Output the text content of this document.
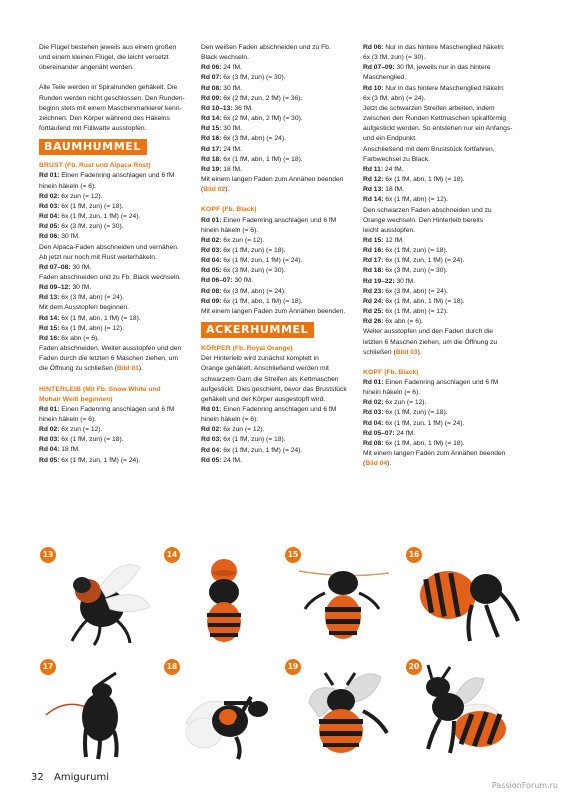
Die Flügel bestehen jeweils aus einem großen
und einem kleinen Flügel, die leicht versetzt
übereinander angenäht werden.
Alle Teile werden in Spiralrunden gehäkelt. Die
Runden werden nicht geschlossen. Den Runden-
beginn stets mit einem Maschenmarkierer kenn-
zeichnen. Den Körper während des Häkelns
fortlaufend mit Füllwatte ausstopfen.
BAUMHUMMEL
BRUST (Fb. Rust und Alpaca Rost)
Rd 01: Einen Fadenring anschlagen und 6 fM
hinein häkeln (= 6).
Rd 02: 6x zun (= 12).
Rd 03: 6x (1 fM, zun) (= 18).
Rd 04: 6x (1 fM, zun, 1 fM) (= 24).
Rd 05: 6x (3 fM, zun) (= 30).
Rd 06: 30 fM.
Den Alpaca-Faden abschneiden und vernähen.
Ab jetzt nur noch mit Rust weiterhäkeln.
Rd 07–08: 30 fM.
Faden abschneiden und zu Fb. Black wechseln.
Rd 09–12: 30 fM.
Rd 13: 6x (3 fM, abn) (= 24).
Mit dem Ausstopfen beginnen.
Rd 14: 6x (1 fM, abn, 1 fM) (= 18).
Rd 15: 6x (1 fM, abn) (= 12).
Rd 16: 6x abn (= 6).
Faden abschneiden. Weiter ausstopfen und den
Faden durch die letzten 6 Maschen ziehen, um
die Öffnung zu schließen (Bild 01).
HINTERLEIB (Mit Fb. Snow White und
Mohair Weiß beginnen)
Rd 01: Einen Fadenring anschlagen und 6 fM
hinein häkeln (= 6).
Rd 02: 6x zun (= 12).
Rd 03: 6x (1 fM, zun) (= 18).
Rd 04: 18 fM.
Rd 05: 6x (1 fM, zun, 1 fM) (= 24).
Den weißen Faden abschneiden und zu Fb.
Black wechseln.
Rd 06: 24 fM.
Rd 07: 6x (3 fM, zun) (= 30).
Rd 08: 30 fM.
Rd 09: 6x (2 fM, zun, 2 fM) (= 36).
Rd 10–13: 36 fM.
Rd 14: 6x (2 fM, abn, 2 fM) (= 30).
Rd 15: 30 fM.
Rd 16: 6x (3 fM, abn) (= 24).
Rd 17: 24 fM.
Rd 18: 6x (1 fM, abn, 1 fM) (= 18).
Rd 19: 18 fM.
Mit einem langen Faden zum Annähen beenden
(Bild 02).
KOPF (Fb. Black)
Rd 01: Einen Fadenring anschlagen und 6 fM
hinein häkeln (= 6).
Rd 02: 6x zun (= 12).
Rd 03: 6x (1 fM, zun) (= 18).
Rd 04: 6x (1 fM, zun, 1 fM) (= 24).
Rd 05: 6x (3 fM, zun) (= 30).
Rd 06–07: 30 fM.
Rd 08: 6x (3 fM, abn) (= 24).
Rd 09: 6x (1 fM, abn, 1 fM) (= 18).
Mit einem langen Faden zum Annähen beenden.
ACKERHUMMEL
KÖRPER (Fb. Royal Orange)
Der Hinterleib wird zunächst komplett in
Orange gehäkelt. Anschließend werden mit
schwarzem Garn die Streifen als Kettmaschen
aufgestickt. Dies geschieht, bevor das Bruststück
gehäkelt und der Körper ausgestopft wird.
Rd 01: Einen Fadenring anschlagen und 6 fM
hinein häkeln (= 6).
Rd 02: 6x zun (= 12).
Rd 03: 6x (1 fM, zun) (= 18).
Rd 04: 6x (1 fM, zun, 1 fM) (= 24).
Rd 05: 24 fM.
Rd 06: Nur in das hintere Maschenglied häkeln:
6x (3 fM, zun) (= 30).
Rd 07–09: 30 fM, jeweils nur in das hintere
Maschenglied.
Rd 10: Nur in das hintere Maschenglied häkeln:
6x (3 fM, abn) (= 24).
Jetzt die schwarzen Streifen arbeiten, indem
zwischen den Runden Kettmaschen spiralförmig
aufgestickt werden. So entstehen nur ein Anfangs-
und ein Endpunkt.
Anschließend mit dem Bruststück fortfahren.
Farbwechsel zu Black.
Rd 11: 24 fM.
Rd 12: 6x (1 fM, abn, 1 fM) (= 18).
Rd 13: 18 fM.
Rd 14: 6x (1 fM, abn) (= 12).
Den schwarzen Faden abschneiden und zu
Orange wechseln. Den Hinterleib bereits
leicht ausstopfen.
Rd 15: 12 fM.
Rd 16: 6x (1 fM, zun) (= 18).
Rd 17: 6x (1 fM, zun, 1 fM) (= 24).
Rd 18: 6x (3 fM, zun) (= 30).
Rd 19–22: 30 fM.
Rd 23: 6x (3 fM, abn) (= 24).
Rd 24: 6x (1 fM, abn, 1 fM) (= 18).
Rd 25: 6x (1 fM, abn) (= 12).
Rd 26: 6x abn (= 6).
Weiter ausstopfen und den Faden durch die
letzten 6 Maschen ziehen, um die Öffnung zu
schließen (Bild 03).
KOPF (Fb. Black)
Rd 01: Einen Fadenring anschlagen und 6 fM
hinein häkeln (= 6).
Rd 02: 6x zun (= 12).
Rd 03: 6x (1 fM, zun) (= 18).
Rd 04: 6x (1 fM, zun, 1 fM) (= 24).
Rd 05–07: 24 fM.
Rd 08: 6x (1 fM, abn, 1 fM) (= 18).
Mit einem langen Faden zum Annähen beenden
(Bild 04).
13	14	15	16
17	18	19	20
32 Amigurumi
PassionForum.ru
